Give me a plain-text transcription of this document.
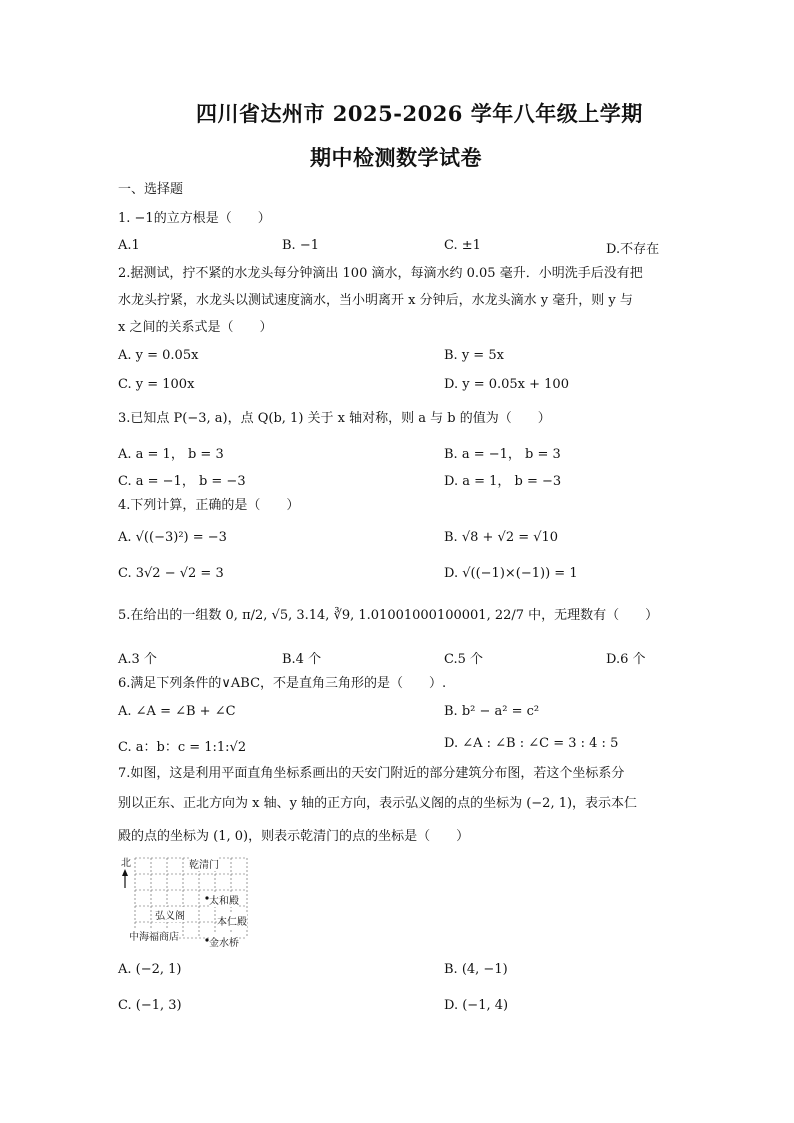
四川省达州市 2025-2026 学年八年级上学期
期中检测数学试卷
一、选择题
1. −1的立方根是（　　）
A.1	B. −1	C. ±1	D.不存在
2.据测试，拧不紧的水龙头每分钟滴出 100 滴水，每滴水约 0.05 毫升．小明洗手后没有把
水龙头拧紧，水龙头以测试速度滴水，当小明离开 x 分钟后，水龙头滴水 y 毫升，则 y 与
x 之间的关系式是（　　）
A. y = 0.05x	B. y = 5x
C. y = 100x	D. y = 0.05x + 100
3.已知点 P(−3, a)，点 Q(b, 1) 关于 x 轴对称，则 a 与 b 的值为（　　）
A. a = 1， b = 3	B. a = −1， b = 3
C. a = −1， b = −3	D. a = 1， b = −3
4.下列计算，正确的是（　　）
A. √((−3)²) = −3	B. √8 + √2 = √10
C. 3√2 − √2 = 3	D. √((−1)×(−1)) = 1
5.在给出的一组数 0, π/2, √5, 3.14, ∛9, 1.01001000100001, 22/7 中，无理数有（　　）
A.3 个	B.4 个	C.5 个	D.6 个
6.满足下列条件的∨ABC，不是直角三角形的是（　　）.
A. ∠A = ∠B + ∠C	B. b² − a² = c²
C. a：b：c = 1:1:√2	D. ∠A : ∠B : ∠C = 3 : 4 : 5
7.如图，这是利用平面直角坐标系画出的天安门附近的部分建筑分布图，若这个坐标系分
别以正东、正北方向为 x 轴、y 轴的正方向，表示弘义阁的点的坐标为 (−2, 1)，表示本仁
殿的点的坐标为 (1, 0)，则表示乾清门的点的坐标是（　　）
北	乾清门
太和殿
弘义阁
本仁殿
中海福商店
金水桥
A. (−2, 1)	B. (4, −1)
C. (−1, 3)	D. (−1, 4)
